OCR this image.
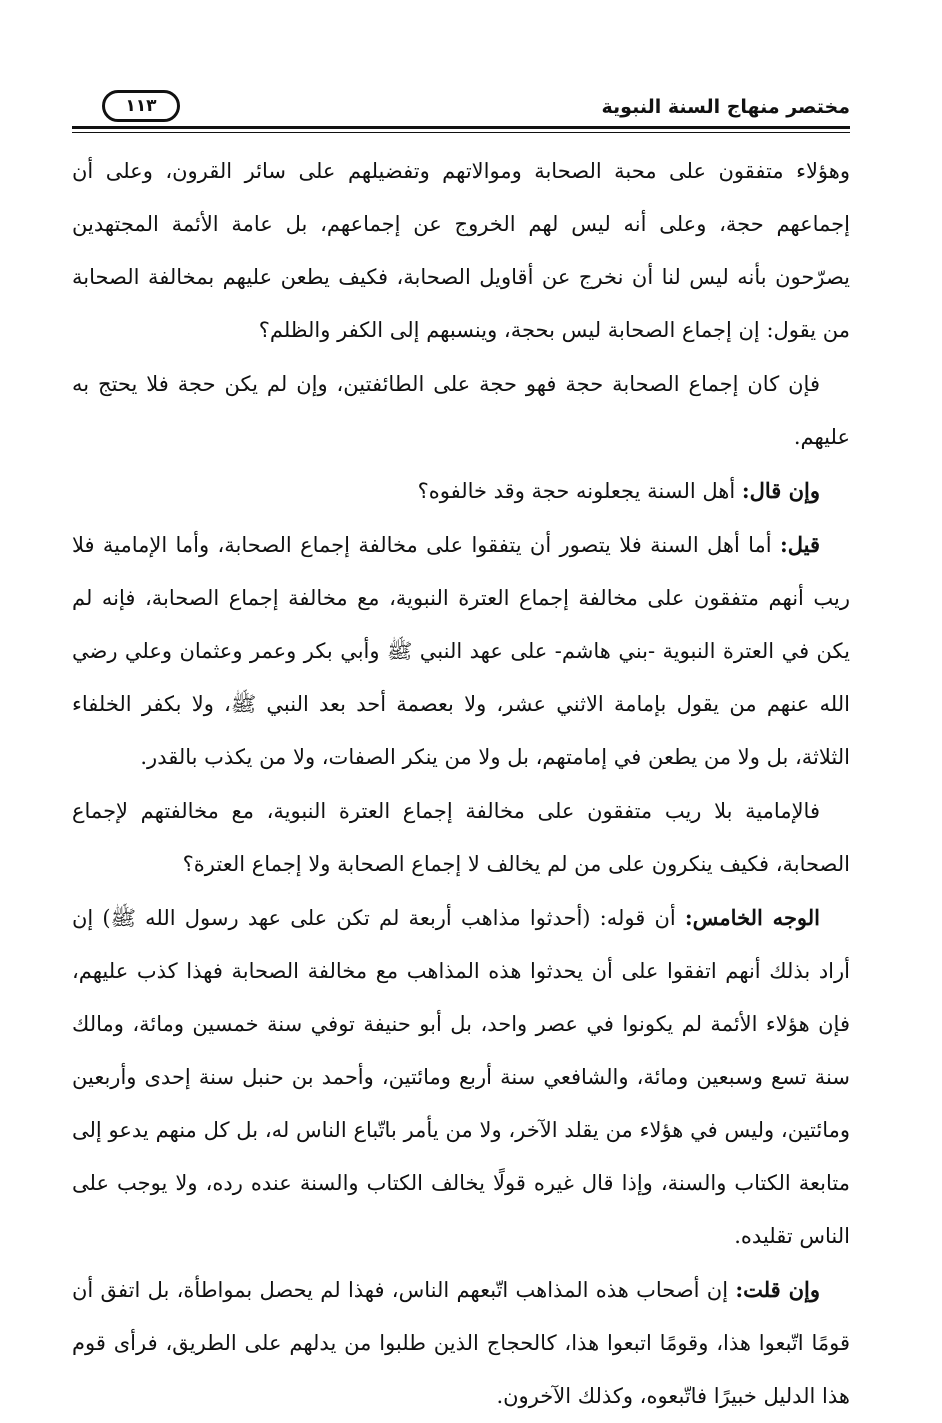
مختصر منهاج السنة النبوية
١١٣

وهؤلاء متفقون على محبة الصحابة وموالاتهم وتفضيلهم على سائر القرون، وعلى أن إجماعهم حجة، وعلى أنه ليس لهم الخروج عن إجماعهم، بل عامة الأئمة المجتهدين يصرّحون بأنه ليس لنا أن نخرج عن أقاويل الصحابة، فكيف يطعن عليهم بمخالفة الصحابة من يقول: إن إجماع الصحابة ليس بحجة، وينسبهم إلى الكفر والظلم؟

فإن كان إجماع الصحابة حجة فهو حجة على الطائفتين، وإن لم يكن حجة فلا يحتج به عليهم.

وإن قال: أهل السنة يجعلونه حجة وقد خالفوه؟

قيل: أما أهل السنة فلا يتصور أن يتفقوا على مخالفة إجماع الصحابة، وأما الإمامية فلا ريب أنهم متفقون على مخالفة إجماع العترة النبوية، مع مخالفة إجماع الصحابة، فإنه لم يكن في العترة النبوية -بني هاشم- على عهد النبي ﷺ وأبي بكر وعمر وعثمان وعلي رضي الله عنهم من يقول بإمامة الاثني عشر، ولا بعصمة أحد بعد النبي ﷺ، ولا بكفر الخلفاء الثلاثة، بل ولا من يطعن في إمامتهم، بل ولا من ينكر الصفات، ولا من يكذب بالقدر.

فالإمامية بلا ريب متفقون على مخالفة إجماع العترة النبوية، مع مخالفتهم لإجماع الصحابة، فكيف ينكرون على من لم يخالف لا إجماع الصحابة ولا إجماع العترة؟

الوجه الخامس: أن قوله: (أحدثوا مذاهب أربعة لم تكن على عهد رسول الله ﷺ) إن أراد بذلك أنهم اتفقوا على أن يحدثوا هذه المذاهب مع مخالفة الصحابة فهذا كذب عليهم، فإن هؤلاء الأئمة لم يكونوا في عصر واحد، بل أبو حنيفة توفي سنة خمسين ومائة، ومالك سنة تسع وسبعين ومائة، والشافعي سنة أربع ومائتين، وأحمد بن حنبل سنة إحدى وأربعين ومائتين، وليس في هؤلاء من يقلد الآخر، ولا من يأمر باتّباع الناس له، بل كل منهم يدعو إلى متابعة الكتاب والسنة، وإذا قال غيره قولًا يخالف الكتاب والسنة عنده رده، ولا يوجب على الناس تقليده.

وإن قلت: إن أصحاب هذه المذاهب اتّبعهم الناس، فهذا لم يحصل بمواطأة، بل اتفق أن قومًا اتّبعوا هذا، وقومًا اتبعوا هذا، كالحجاج الذين طلبوا من يدلهم على الطريق، فرأى قوم هذا الدليل خبيرًا فاتّبعوه، وكذلك الآخرون.
